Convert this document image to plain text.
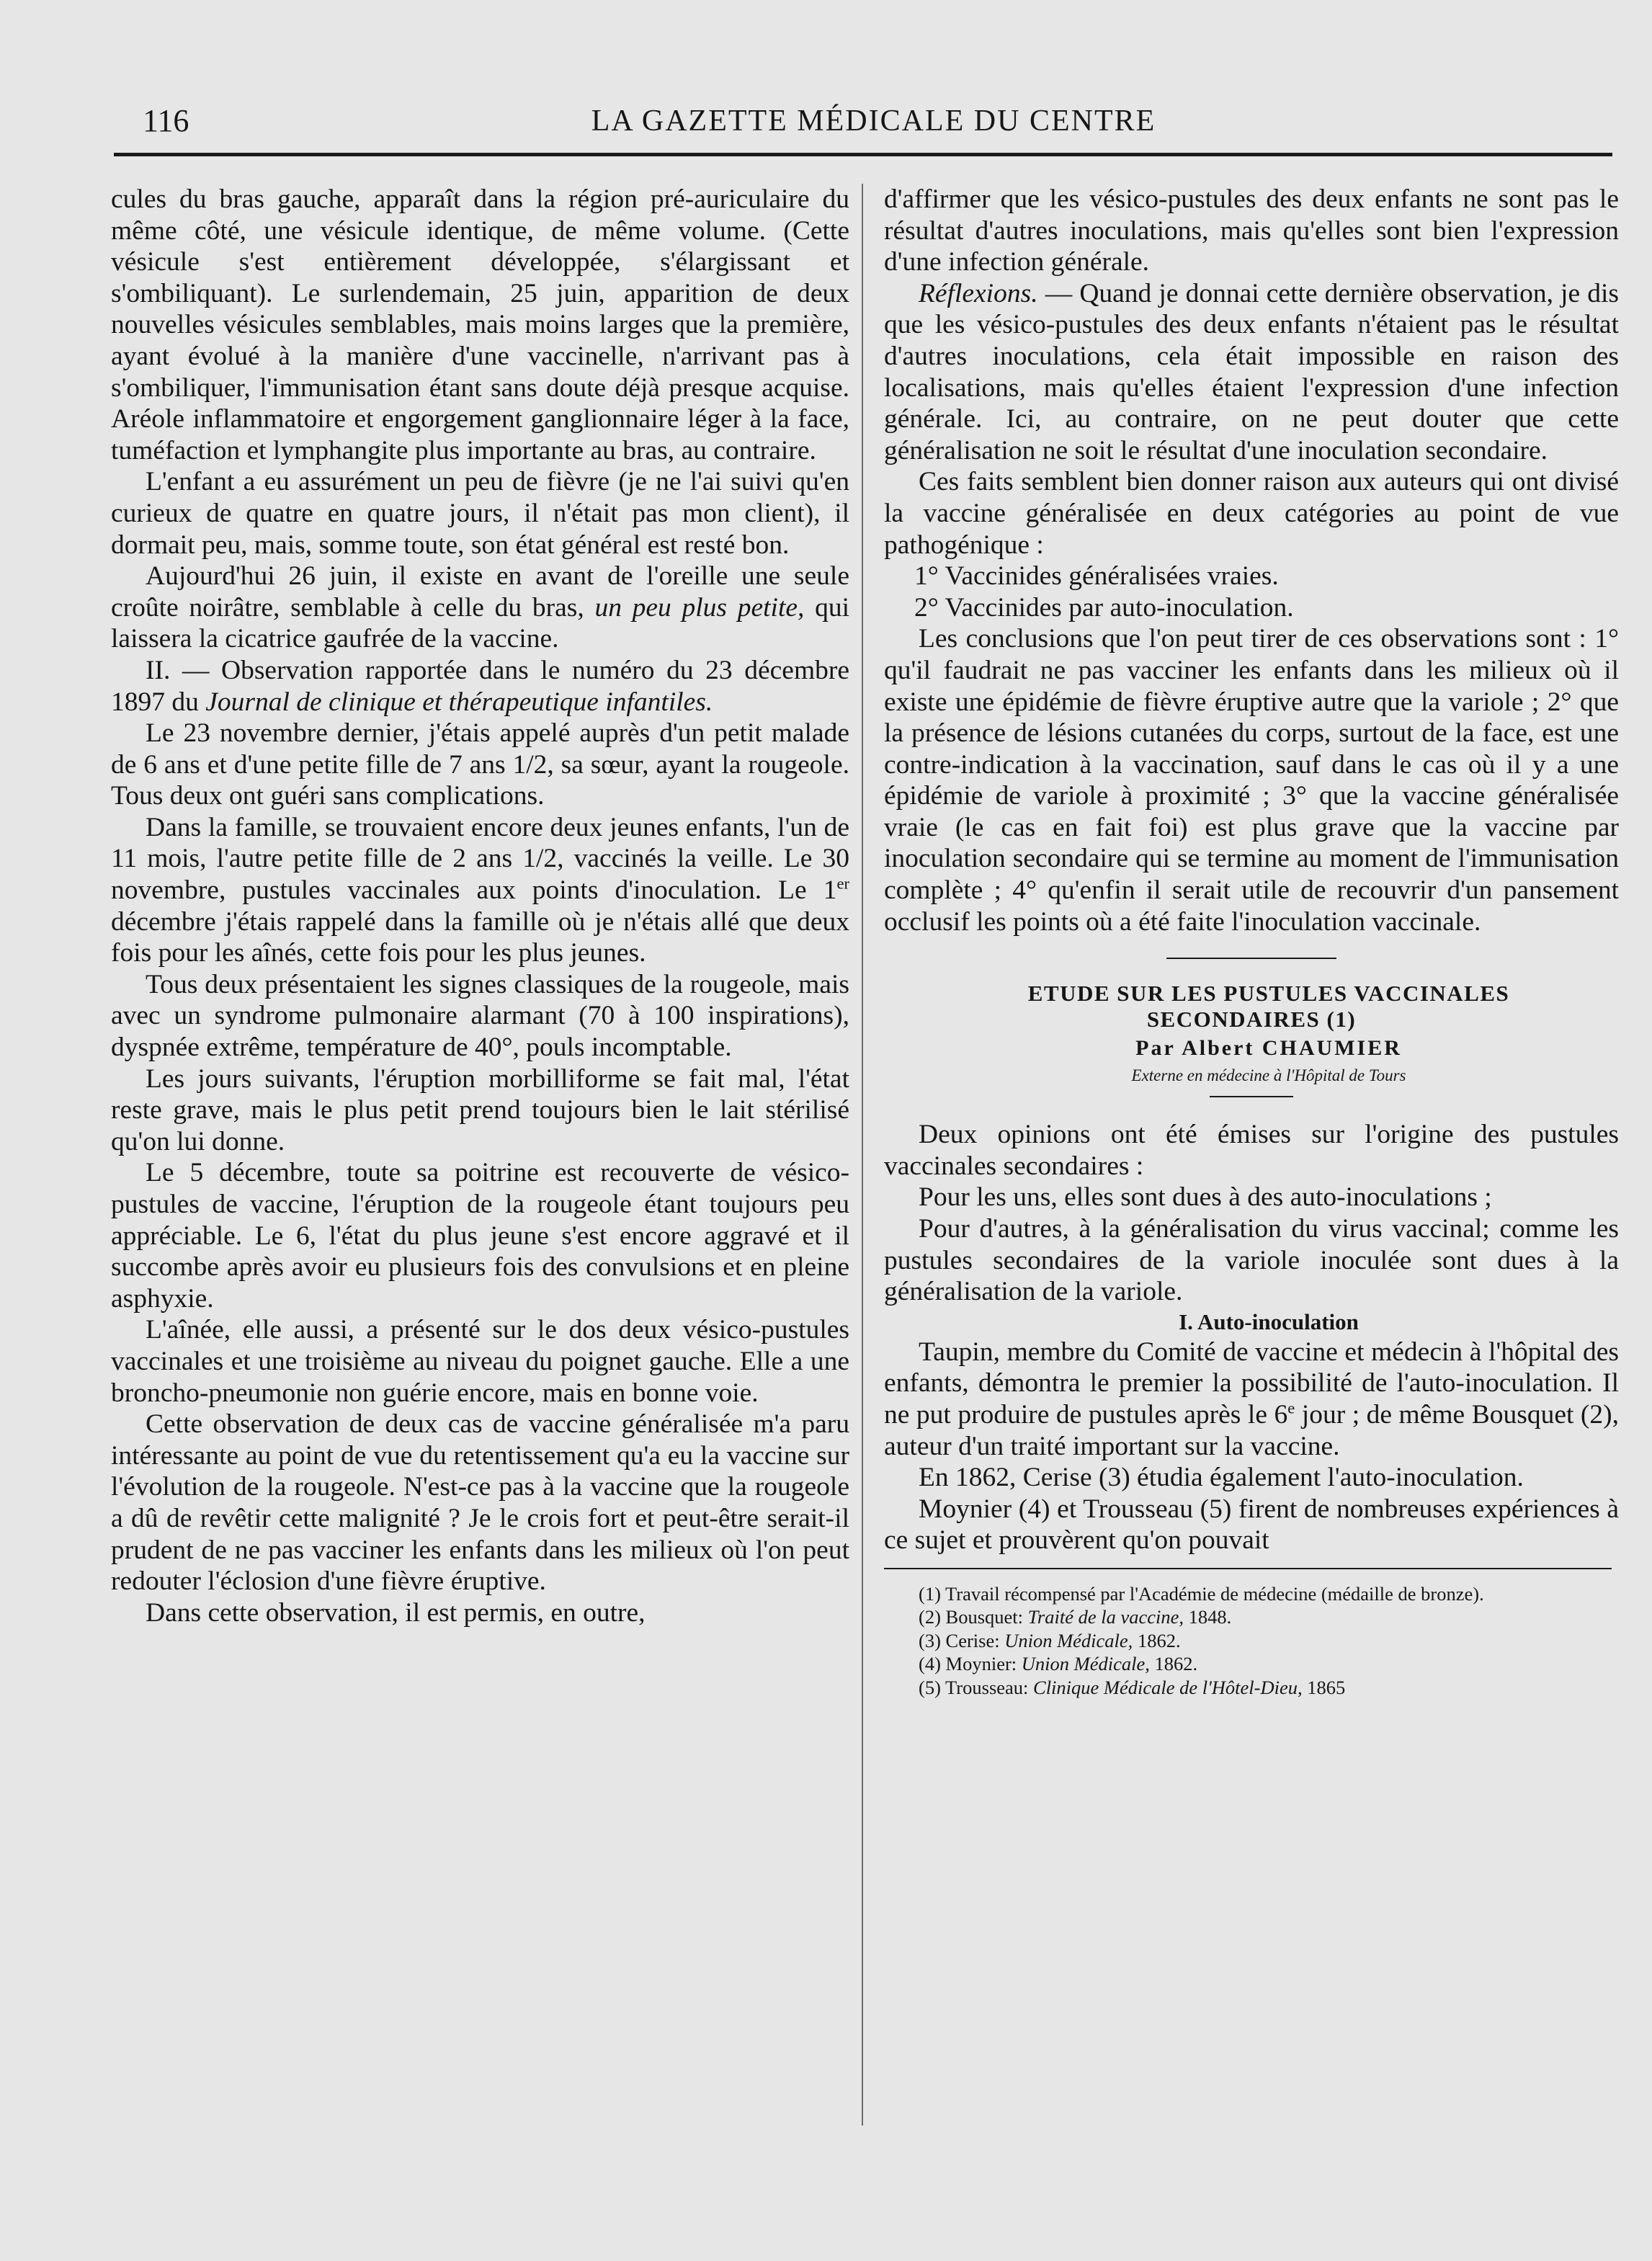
116	LA GAZETTE MÉDICALE DU CENTRE

cules du bras gauche, apparaît dans la région pré-auriculaire du même côté, une vésicule identique, de même volume. (Cette vésicule s'est entièrement développée, s'élargissant et s'ombiliquant). Le surlendemain, 25 juin, apparition de deux nouvelles vésicules semblables, mais moins larges que la première, ayant évolué à la manière d'une vaccinelle, n'arrivant pas à s'ombiliquer, l'immunisation étant sans doute déjà presque acquise. Aréole inflammatoire et engorgement ganglionnaire léger à la face, tuméfaction et lymphangite plus importante au bras, au contraire.

L'enfant a eu assurément un peu de fièvre (je ne l'ai suivi qu'en curieux de quatre en quatre jours, il n'était pas mon client), il dormait peu, mais, somme toute, son état général est resté bon.

Aujourd'hui 26 juin, il existe en avant de l'oreille une seule croûte noirâtre, semblable à celle du bras, un peu plus petite, qui laissera la cicatrice gaufrée de la vaccine.

II. — Observation rapportée dans le numéro du 23 décembre 1897 du Journal de clinique et thérapeutique infantiles.

Le 23 novembre dernier, j'étais appelé auprès d'un petit malade de 6 ans et d'une petite fille de 7 ans 1/2, sa sœur, ayant la rougeole. Tous deux ont guéri sans complications.

Dans la famille, se trouvaient encore deux jeunes enfants, l'un de 11 mois, l'autre petite fille de 2 ans 1/2, vaccinés la veille. Le 30 novembre, pustules vaccinales aux points d'inoculation. Le 1er décembre j'étais rappelé dans la famille où je n'étais allé que deux fois pour les aînés, cette fois pour les plus jeunes.

Tous deux présentaient les signes classiques de la rougeole, mais avec un syndrome pulmonaire alarmant (70 à 100 inspirations), dyspnée extrême, température de 40°, pouls incomptable.

Les jours suivants, l'éruption morbilliforme se fait mal, l'état reste grave, mais le plus petit prend toujours bien le lait stérilisé qu'on lui donne.

Le 5 décembre, toute sa poitrine est recouverte de vésico-pustules de vaccine, l'éruption de la rougeole étant toujours peu appréciable. Le 6, l'état du plus jeune s'est encore aggravé et il succombe après avoir eu plusieurs fois des convulsions et en pleine asphyxie.

L'aînée, elle aussi, a présenté sur le dos deux vésico-pustules vaccinales et une troisième au niveau du poignet gauche. Elle a une broncho-pneumonie non guérie encore, mais en bonne voie.

Cette observation de deux cas de vaccine généralisée m'a paru intéressante au point de vue du retentissement qu'a eu la vaccine sur l'évolution de la rougeole. N'est-ce pas à la vaccine que la rougeole a dû de revêtir cette malignité ? Je le crois fort et peut-être serait-il prudent de ne pas vacciner les enfants dans les milieux où l'on peut redouter l'éclosion d'une fièvre éruptive.

Dans cette observation, il est permis, en outre,

d'affirmer que les vésico-pustules des deux enfants ne sont pas le résultat d'autres inoculations, mais qu'elles sont bien l'expression d'une infection générale.

Réflexions. — Quand je donnai cette dernière observation, je dis que les vésico-pustules des deux enfants n'étaient pas le résultat d'autres inoculations, cela était impossible en raison des localisations, mais qu'elles étaient l'expression d'une infection générale. Ici, au contraire, on ne peut douter que cette généralisation ne soit le résultat d'une inoculation secondaire.

Ces faits semblent bien donner raison aux auteurs qui ont divisé la vaccine généralisée en deux catégories au point de vue pathogénique :

1° Vaccinides généralisées vraies.

2° Vaccinides par auto-inoculation.

Les conclusions que l'on peut tirer de ces observations sont : 1° qu'il faudrait ne pas vacciner les enfants dans les milieux où il existe une épidémie de fièvre éruptive autre que la variole ; 2° que la présence de lésions cutanées du corps, surtout de la face, est une contre-indication à la vaccination, sauf dans le cas où il y a une épidémie de variole à proximité ; 3° que la vaccine généralisée vraie (le cas en fait foi) est plus grave que la vaccine par inoculation secondaire qui se termine au moment de l'immunisation complète ; 4° qu'enfin il serait utile de recouvrir d'un pansement occlusif les points où a été faite l'inoculation vaccinale.

ETUDE SUR LES PUSTULES VACCINALES
SECONDAIRES (1)

Par Albert CHAUMIER

Externe en médecine à l'Hôpital de Tours

Deux opinions ont été émises sur l'origine des pustules vaccinales secondaires :

Pour les uns, elles sont dues à des auto-inoculations ;

Pour d'autres, à la généralisation du virus vaccinal; comme les pustules secondaires de la variole inoculée sont dues à la généralisation de la variole.

I. Auto-inoculation

Taupin, membre du Comité de vaccine et médecin à l'hôpital des enfants, démontra le premier la possibilité de l'auto-inoculation. Il ne put produire de pustules après le 6e jour ; de même Bousquet (2), auteur d'un traité important sur la vaccine.

En 1862, Cerise (3) étudia également l'auto-inoculation.

Moynier (4) et Trousseau (5) firent de nombreuses expériences à ce sujet et prouvèrent qu'on pouvait

(1) Travail récompensé par l'Académie de médecine (médaille de bronze).

(2) Bousquet: Traité de la vaccine, 1848.

(3) Cerise: Union Médicale, 1862.

(4) Moynier: Union Médicale, 1862.

(5) Trousseau: Clinique Médicale de l'Hôtel-Dieu, 1865
